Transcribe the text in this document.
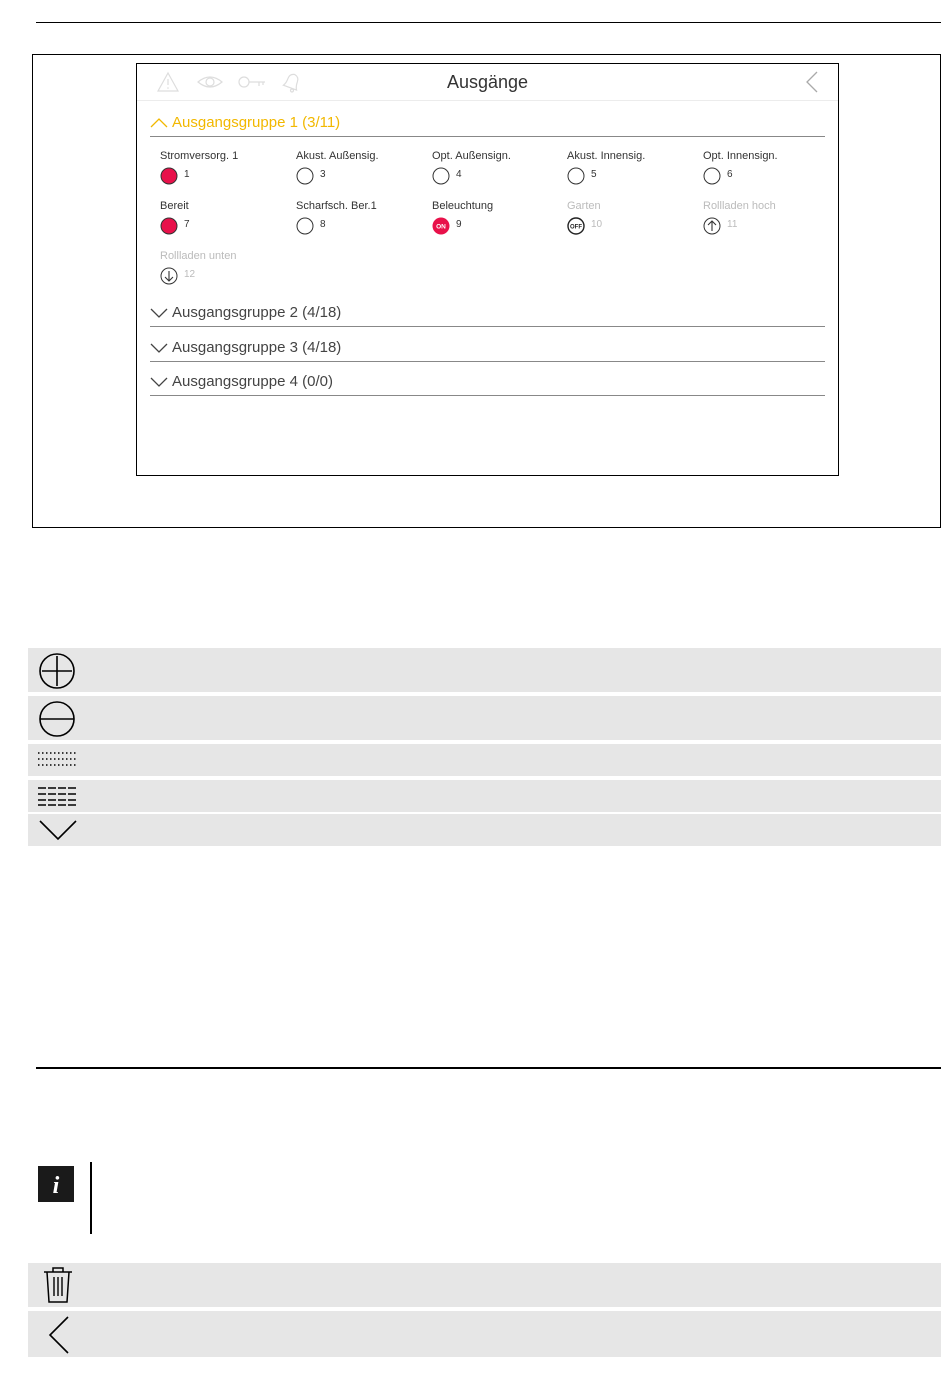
Ausgänge
Ausgangsgruppe 1 (3/11)
Stromversorg. 1
1
Akust. Außensig.
3
Opt. Außensign.
4
Akust. Innensig.
5
Opt. Innensign.
6
Bereit
7
Scharfsch. Ber.1
8
Beleuchtung
ON 9
Garten
OFF 10
Rollladen hoch
11
Rollladen unten
12
Ausgangsgruppe 2 (4/18)
Ausgangsgruppe 3 (4/18)
Ausgangsgruppe 4 (0/0)
i
